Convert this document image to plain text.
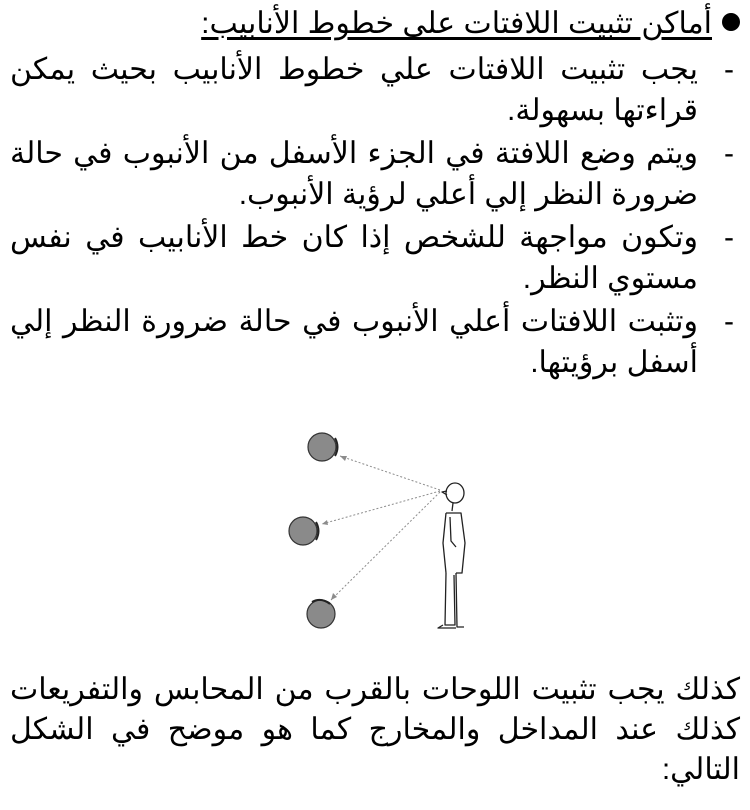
أماكن تثبيت اللافتات على خطوط الأنابيب:
-
يجب تثبيت اللافتات علي خطوط الأنابيب بحيث يمكن قراءتها بسهولة.
-
ويتم وضع اللافتة في الجزء الأسفل من الأنبوب في حالة ضرورة النظر إلي أعلي لرؤية الأنبوب.
-
وتكون مواجهة للشخص إذا كان خط الأنابيب في نفس مستوي النظر.
-
وتثبت اللافتات أعلي الأنبوب في حالة ضرورة النظر إلي أسفل برؤيتها.
كذلك يجب تثبيت اللوحات بالقرب من المحابس والتفريعات كذلك عند المداخل والمخارج كما هو موضح في الشكل التالي:
